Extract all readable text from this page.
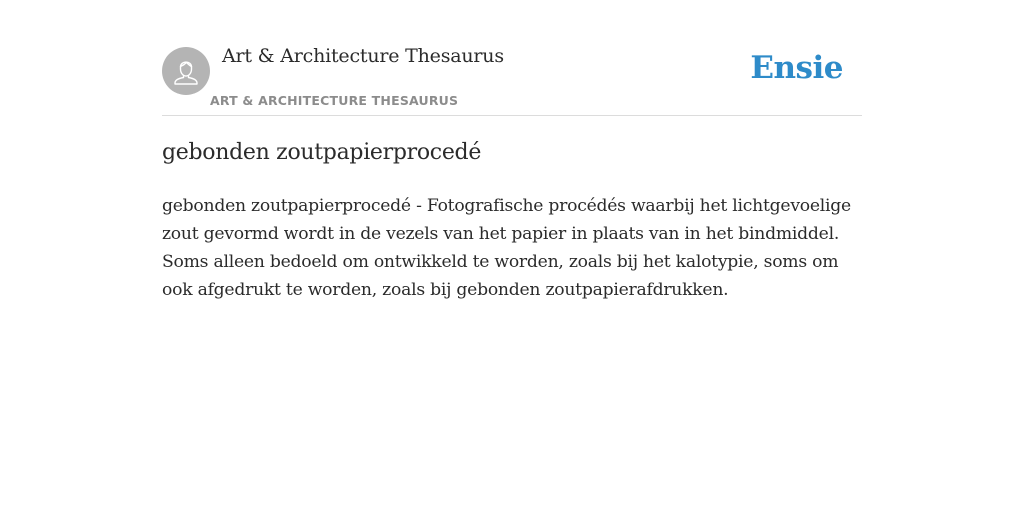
Art & Architecture Thesaurus
ART & ARCHITECTURE THESAURUS
Ensie
gebonden zoutpapierprocedé

gebonden zoutpapierprocedé - Fotografische procédés waarbij het lichtgevoelige zout gevormd wordt in de vezels van het papier in plaats van in het bindmiddel. Soms alleen bedoeld om ontwikkeld te worden, zoals bij het kalotypie, soms om ook afgedrukt te worden, zoals bij gebonden zoutpapierafdrukken.
